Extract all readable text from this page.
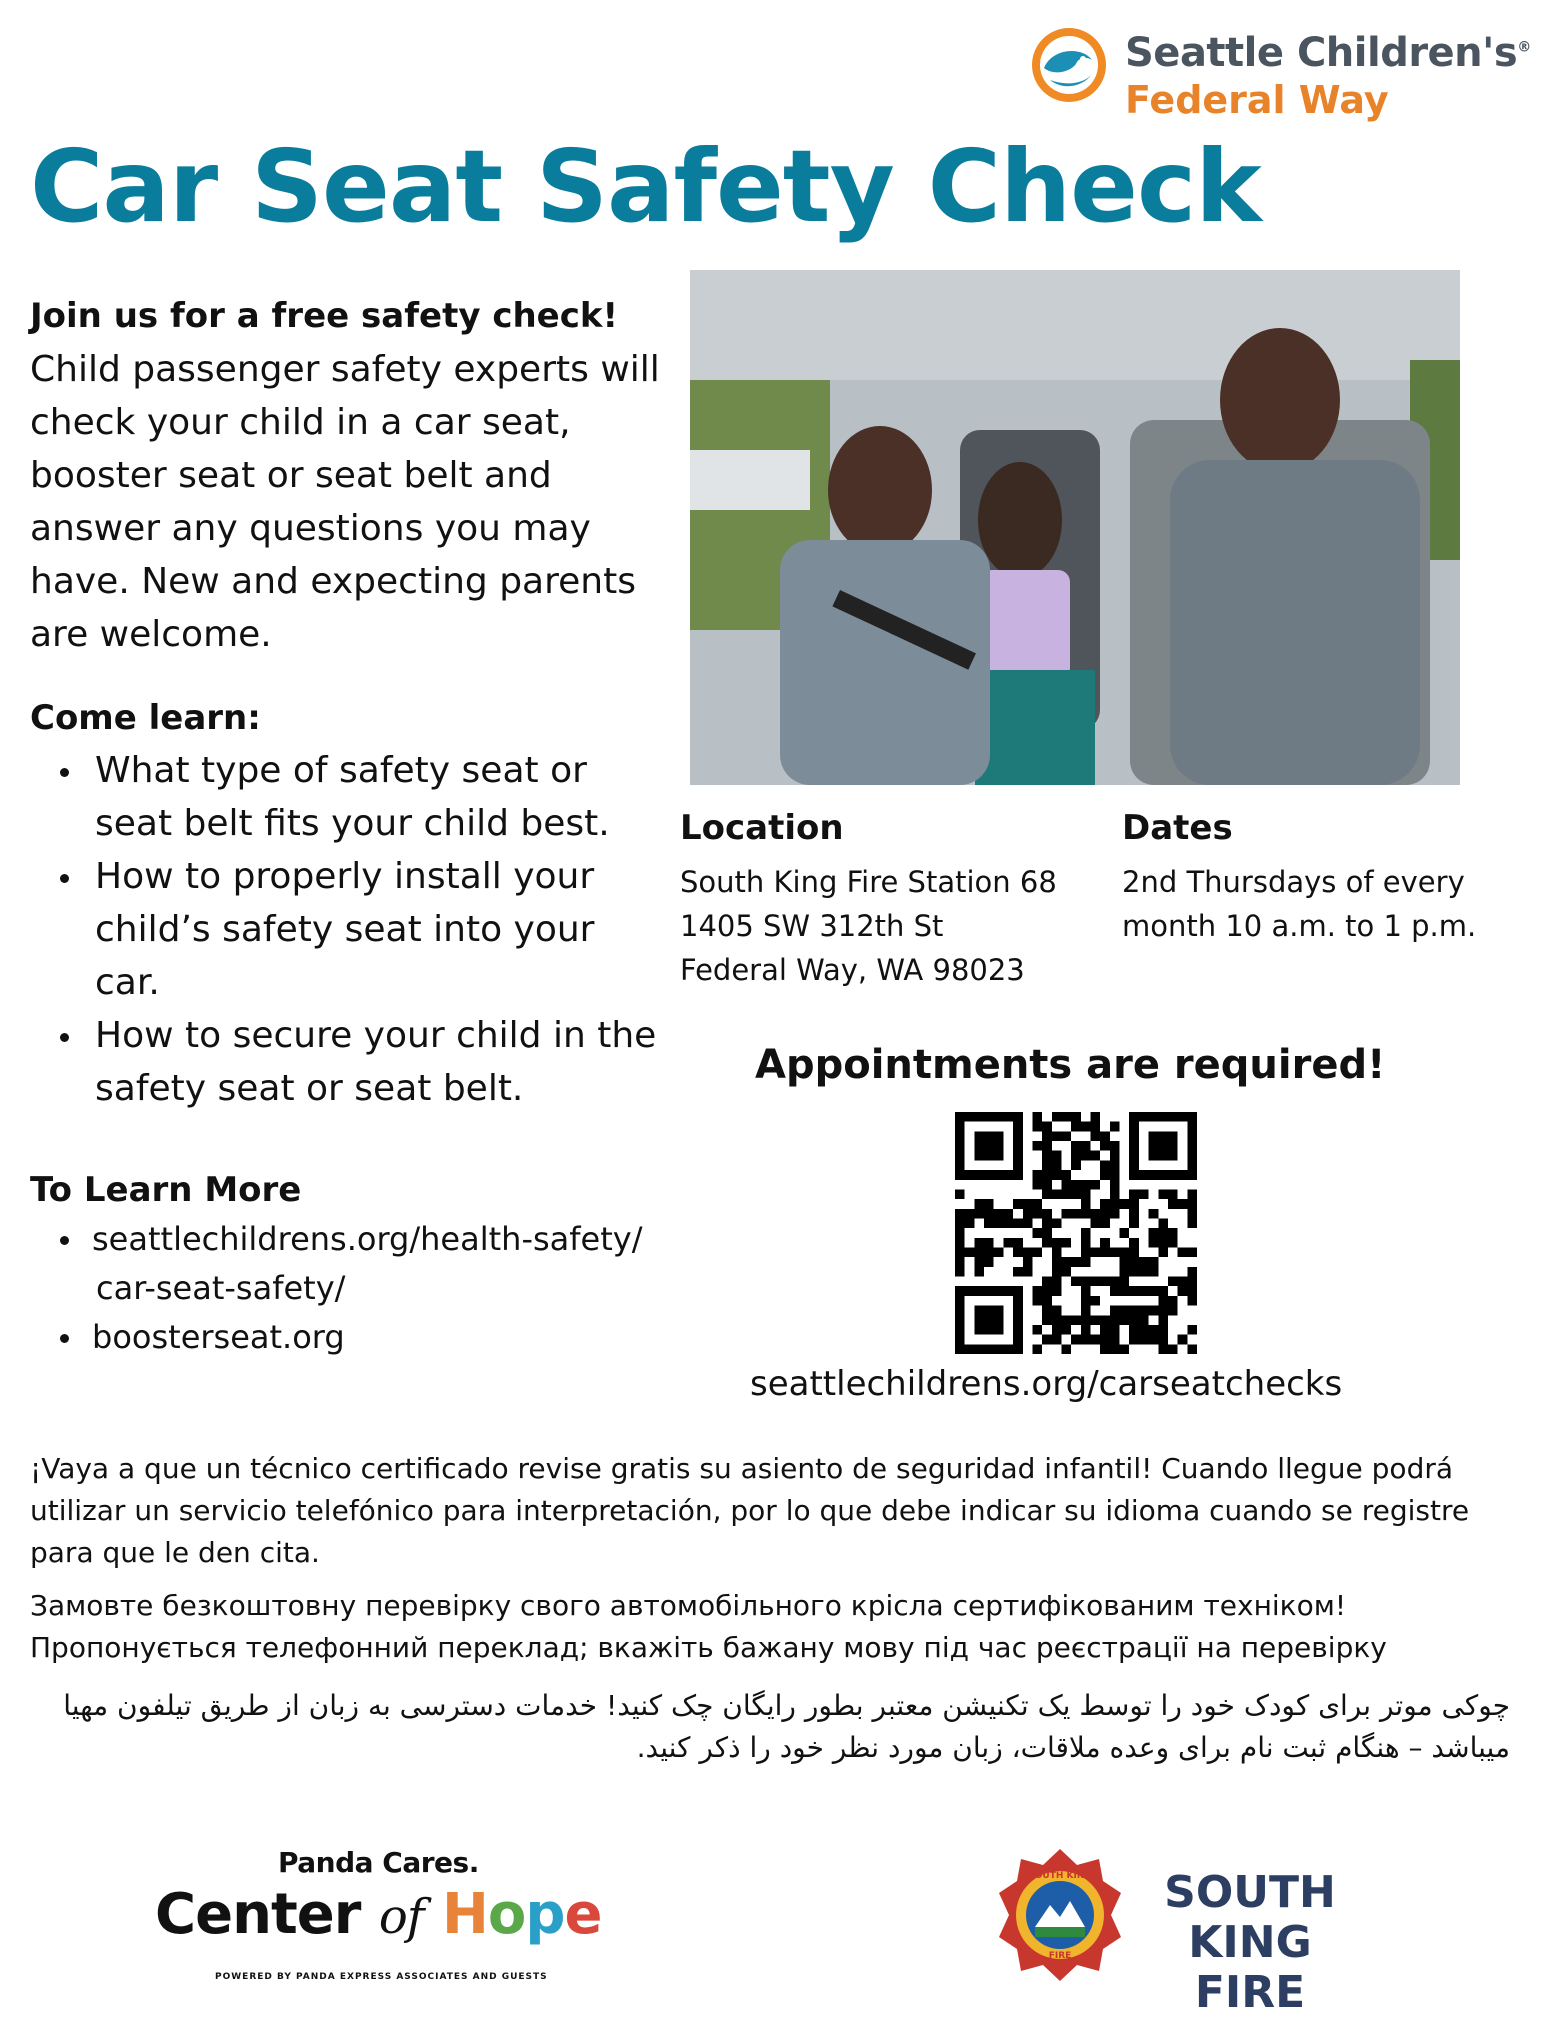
Seattle Children's®
Federal Way
Car Seat Safety Check
Join us for a free safety check!
Child passenger safety experts will check your child in a car seat, booster seat or seat belt and answer any questions you may have. New and expecting parents are welcome.
Come learn:
What type of safety seat or seat belt fits your child best.
How to properly install your child’s safety seat into your car.
How to secure your child in the safety seat or seat belt.
To Learn More
seattlechildrens.org/health-safety/
car-seat-safety/
boosterseat.org
Location
South King Fire Station 68
1405 SW 312th St
Federal Way, WA 98023
Dates
2nd Thursdays of every
month 10 a.m. to 1 p.m.
Appointments are required!
seattlechildrens.org/carseatchecks
¡Vaya a que un técnico certificado revise gratis su asiento de seguridad infantil! Cuando llegue podrá utilizar un servicio telefónico para interpretación, por lo que debe indicar su idioma cuando se registre para que le den cita.
Замовте безкоштовну перевірку свого автомобільного крісла сертифікованим техніком! Пропонується телефонний переклад; вкажіть бажану мову під час реєстрації на перевірку
چوکی موتر برای کودک خود را توسط یک تکنیشن معتبر بطور رایگان چک کنید! خدمات دسترسی به زبان از طریق تیلفون مهیا میباشد – هنگام ثبت نام برای وعده ملاقات، زبان مورد نظر خود را ذکر کنید.
Panda Cares.
Center of Hope
POWERED BY PANDA EXPRESS ASSOCIATES AND GUESTS
SOUTH KING
FIRE
SOUTH
KING FIRE
